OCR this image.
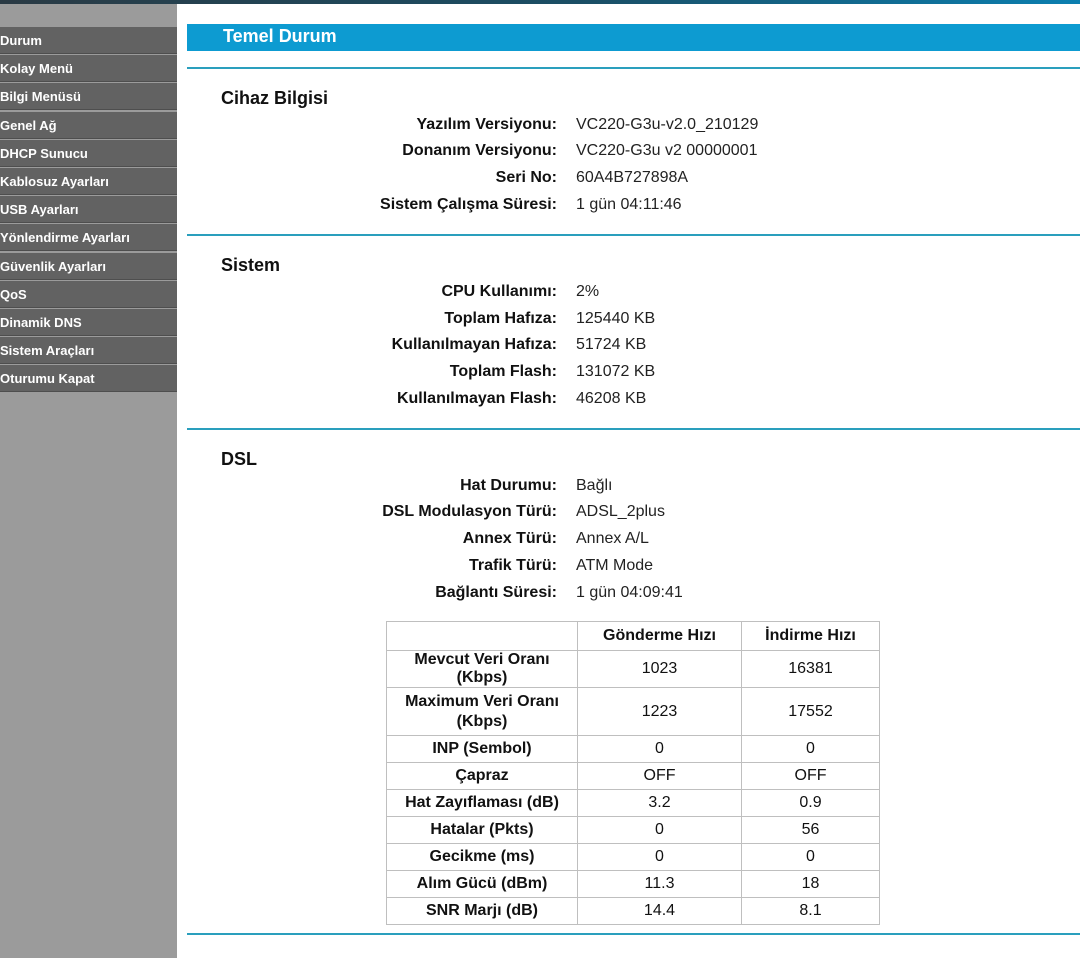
Durum
Kolay Menü
Bilgi Menüsü
Genel Ağ
DHCP Sunucu
Kablosuz Ayarları
USB Ayarları
Yönlendirme Ayarları
Güvenlik Ayarları
QoS
Dinamik DNS
Sistem Araçları
Oturumu Kapat
Temel Durum
Cihaz Bilgisi
Yazılım Versiyonu: VC220-G3u-v2.0_210129
Donanım Versiyonu: VC220-G3u v2 00000001
Seri No: 60A4B727898A
Sistem Çalışma Süresi: 1 gün 04:11:46
Sistem
CPU Kullanımı: 2%
Toplam Hafıza: 125440 KB
Kullanılmayan Hafıza: 51724 KB
Toplam Flash: 131072 KB
Kullanılmayan Flash: 46208 KB
DSL
Hat Durumu: Bağlı
DSL Modulasyon Türü: ADSL_2plus
Annex Türü: Annex A/L
Trafik Türü: ATM Mode
Bağlantı Süresi: 1 gün 04:09:41
	Gönderme Hızı	İndirme Hızı
Mevcut Veri Oranı (Kbps)	1023	16381
Maximum Veri Oranı (Kbps)	1223	17552
INP (Sembol)	0	0
Çapraz	OFF	OFF
Hat Zayıflaması (dB)	3.2	0.9
Hatalar (Pkts)	0	56
Gecikme (ms)	0	0
Alım Gücü (dBm)	11.3	18
SNR Marjı (dB)	14.4	8.1
